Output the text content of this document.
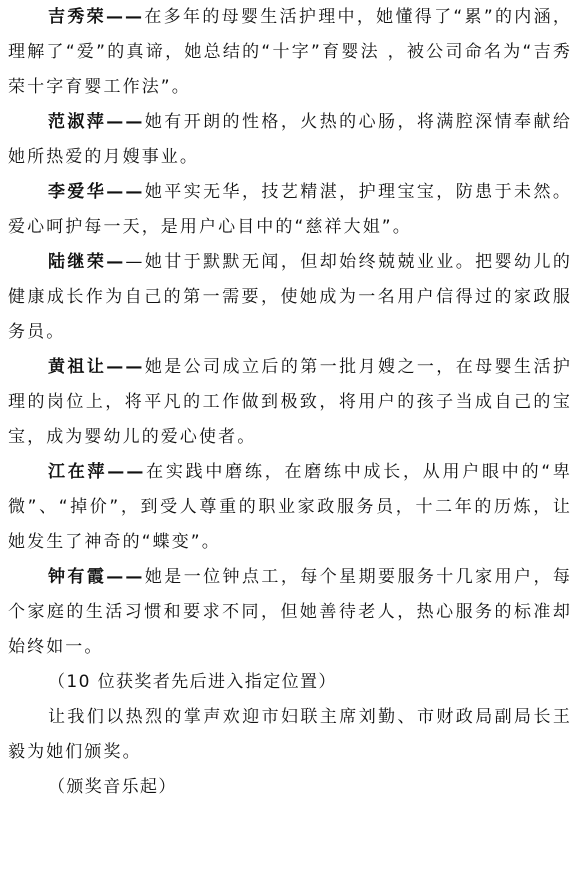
吉秀荣——在多年的母婴生活护理中，她懂得了“累”的内涵，理解了“爱”的真谛，她总结的“十字”育婴法 ，被公司命名为“吉秀荣十字育婴工作法”。

范淑萍——她有开朗的性格，火热的心肠，将满腔深情奉献给她所热爱的月嫂事业。

李爱华——她平实无华，技艺精湛，护理宝宝，防患于未然。爱心呵护每一天，是用户心目中的“慈祥大姐”。

陆继荣——她甘于默默无闻，但却始终兢兢业业。把婴幼儿的健康成长作为自己的第一需要，使她成为一名用户信得过的家政服务员。

黄祖让——她是公司成立后的第一批月嫂之一，在母婴生活护理的岗位上，将平凡的工作做到极致，将用户的孩子当成自己的宝宝，成为婴幼儿的爱心使者。

江在萍——在实践中磨练，在磨练中成长，从用户眼中的“卑微”、“掉价”，到受人尊重的职业家政服务员，十二年的历炼，让她发生了神奇的“蝶变”。

钟有霞——她是一位钟点工，每个星期要服务十几家用户，每个家庭的生活习惯和要求不同，但她善待老人，热心服务的标准却始终如一。

（10 位获奖者先后进入指定位置）

让我们以热烈的掌声欢迎市妇联主席刘勤、市财政局副局长王毅为她们颁奖。

（颁奖音乐起）
